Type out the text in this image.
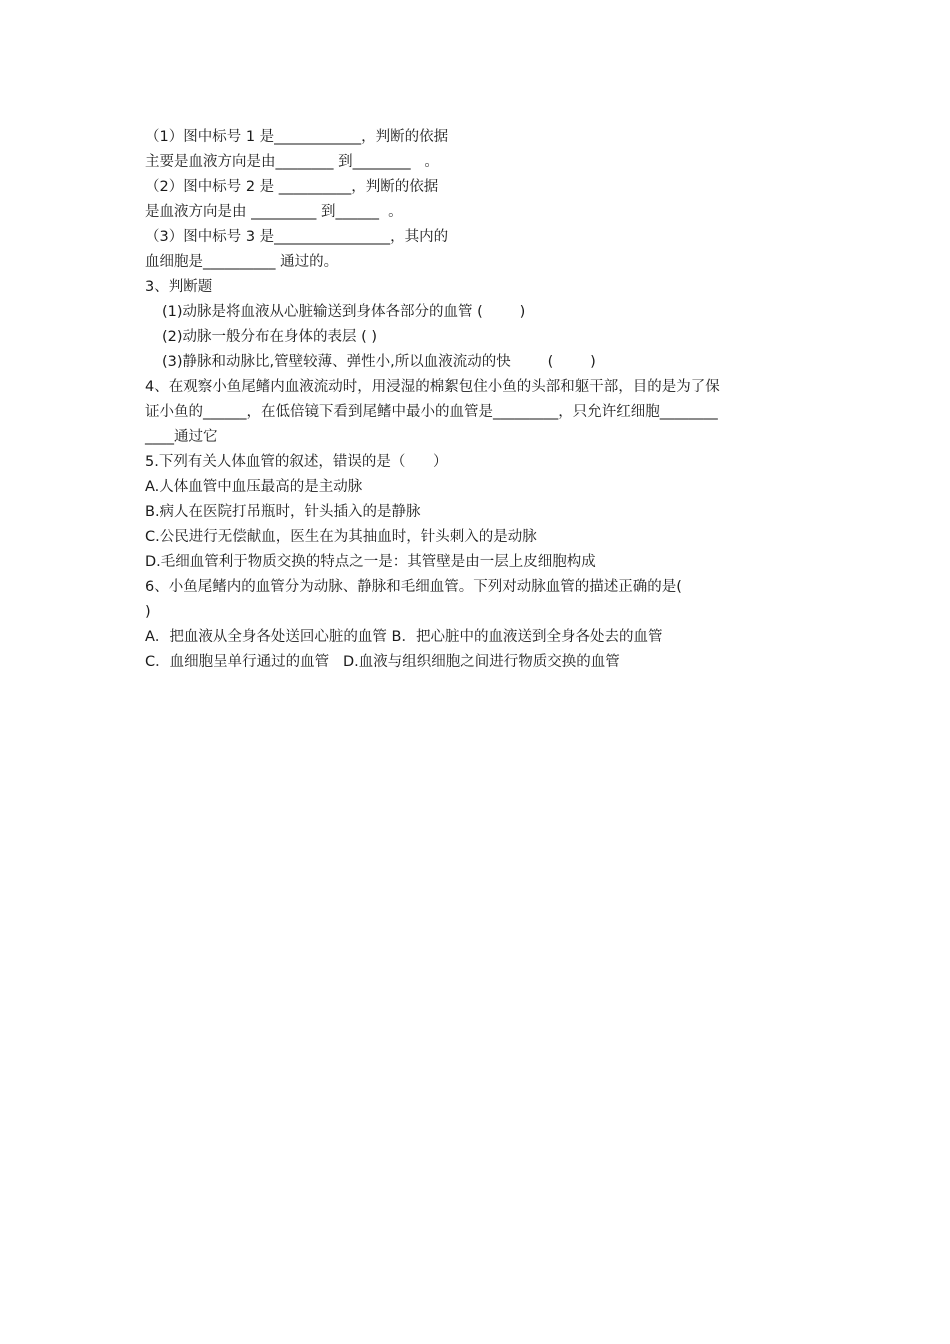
（1）图中标号 1 是____________，判断的依据
主要是血液方向是由________ 到________   。
（2）图中标号 2 是 __________，判断的依据
是血液方向是由 _________ 到______  。
（3）图中标号 3 是________________，其内的
血细胞是__________ 通过的。
3、判断题
(1)动脉是将血液从心脏输送到身体各部分的血管 (        )
(2)动脉一般分布在身体的表层 ( )
(3)静脉和动脉比,管壁较薄、弹性小,所以血液流动的快        (        )
4、在观察小鱼尾鳍内血液流动时，用浸湿的棉絮包住小鱼的头部和躯干部，目的是为了保
证小鱼的______，在低倍镜下看到尾鳍中最小的血管是_________，只允许红细胞________
____通过它
5.下列有关人体血管的叙述，错误的是（      ）
A.人体血管中血压最高的是主动脉
B.病人在医院打吊瓶时，针头插入的是静脉
C.公民进行无偿献血，医生在为其抽血时，针头刺入的是动脉
D.毛细血管利于物质交换的特点之一是：其管壁是由一层上皮细胞构成
6、小鱼尾鳍内的血管分为动脉、静脉和毛细血管。下列对动脉血管的描述正确的是(
)
A．把血液从全身各处送回心脏的血管 B．把心脏中的血液送到全身各处去的血管
C．血细胞呈单行通过的血管   D.血液与组织细胞之间进行物质交换的血管
